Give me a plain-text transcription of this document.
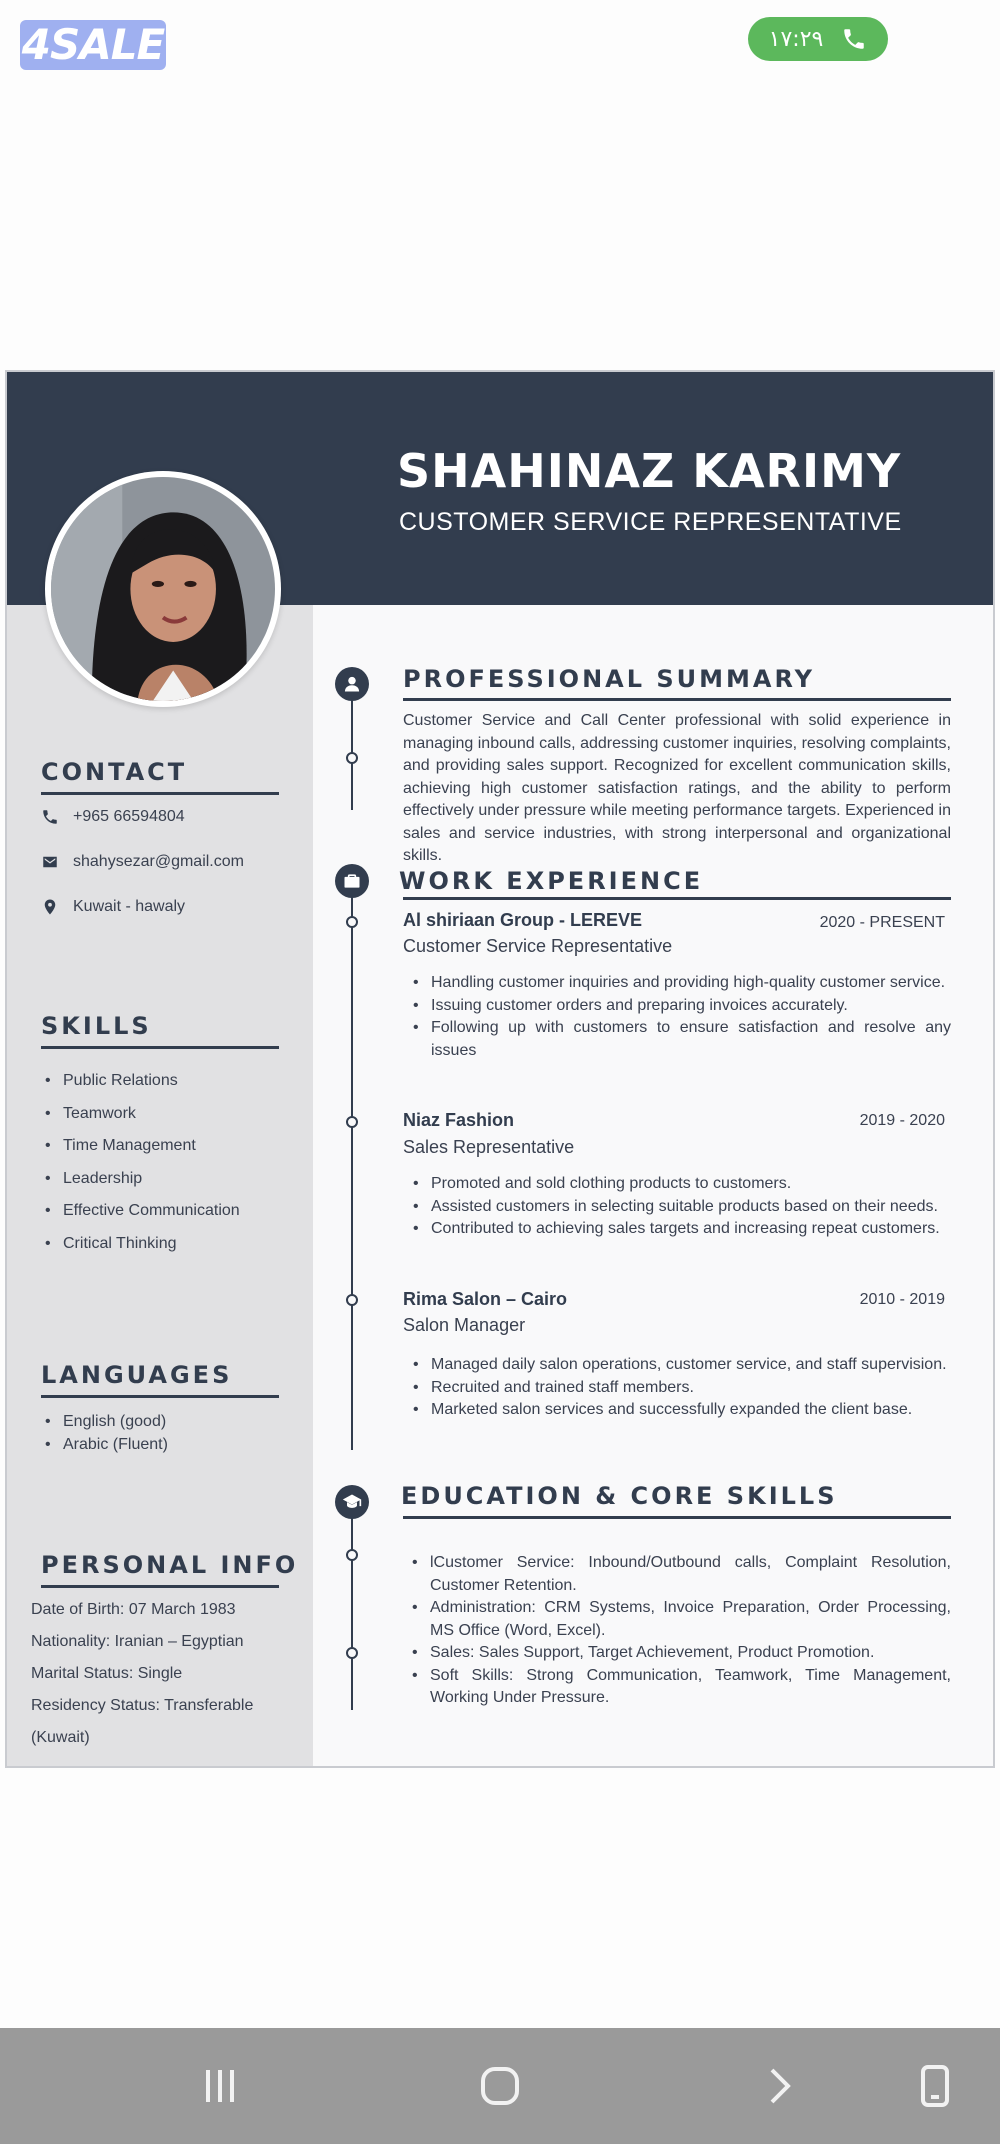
4SALE	١٧:٢٩
SHAHINAZ KARIMY
CUSTOMER SERVICE REPRESENTATIVE
CONTACT
+965 66594804
shahysezar@gmail.com
Kuwait - hawaly
SKILLS
• Public Relations
• Teamwork
• Time Management
• Leadership
• Effective Communication
• Critical Thinking
LANGUAGES
• English (good)
• Arabic (Fluent)
PERSONAL INFO
Date of Birth: 07 March 1983
Nationality: Iranian – Egyptian
Marital Status: Single
Residency Status: Transferable
(Kuwait)
PROFESSIONAL SUMMARY
Customer Service and Call Center professional with solid experience in managing inbound calls, addressing customer inquiries, resolving complaints, and providing sales support. Recognized for excellent communication skills, achieving high customer satisfaction ratings, and the ability to perform effectively under pressure while meeting performance targets. Experienced in sales and service industries, with strong interpersonal and organizational skills.
WORK EXPERIENCE
Al shiriaan Group - LEREVE	2020 - PRESENT
Customer Service Representative
• Handling customer inquiries and providing high-quality customer service.
• Issuing customer orders and preparing invoices accurately.
• Following up with customers to ensure satisfaction and resolve any issues
Niaz Fashion	2019 - 2020
Sales Representative
• Promoted and sold clothing products to customers.
• Assisted customers in selecting suitable products based on their needs.
• Contributed to achieving sales targets and increasing repeat customers.
Rima Salon – Cairo	2010 - 2019
Salon Manager
• Managed daily salon operations, customer service, and staff supervision.
• Recruited and trained staff members.
• Marketed salon services and successfully expanded the client base.
EDUCATION & CORE SKILLS
• lCustomer Service: Inbound/Outbound calls, Complaint Resolution, Customer Retention.
• Administration: CRM Systems, Invoice Preparation, Order Processing, MS Office (Word, Excel).
• Sales: Sales Support, Target Achievement, Product Promotion.
• Soft Skills: Strong Communication, Teamwork, Time Management, Working Under Pressure.
